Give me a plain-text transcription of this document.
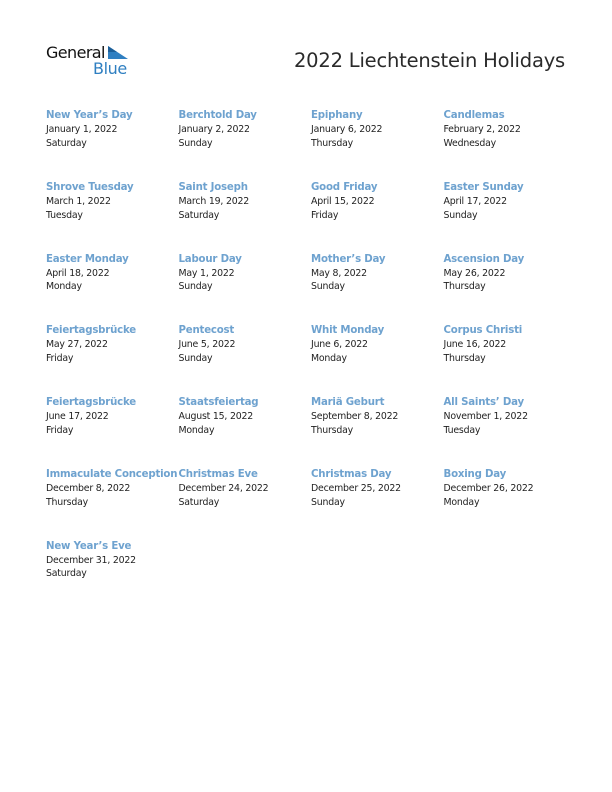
General
Blue	2022 Liechtenstein Holidays
New Year’s Day
January 1, 2022
Saturday
Berchtold Day
January 2, 2022
Sunday
Epiphany
January 6, 2022
Thursday
Candlemas
February 2, 2022
Wednesday
Shrove Tuesday
March 1, 2022
Tuesday
Saint Joseph
March 19, 2022
Saturday
Good Friday
April 15, 2022
Friday
Easter Sunday
April 17, 2022
Sunday
Easter Monday
April 18, 2022
Monday
Labour Day
May 1, 2022
Sunday
Mother’s Day
May 8, 2022
Sunday
Ascension Day
May 26, 2022
Thursday
Feiertagsbrücke
May 27, 2022
Friday
Pentecost
June 5, 2022
Sunday
Whit Monday
June 6, 2022
Monday
Corpus Christi
June 16, 2022
Thursday
Feiertagsbrücke
June 17, 2022
Friday
Staatsfeiertag
August 15, 2022
Monday
Mariä Geburt
September 8, 2022
Thursday
All Saints’ Day
November 1, 2022
Tuesday
Immaculate Conception
December 8, 2022
Thursday
Christmas Eve
December 24, 2022
Saturday
Christmas Day
December 25, 2022
Sunday
Boxing Day
December 26, 2022
Monday
New Year’s Eve
December 31, 2022
Saturday
